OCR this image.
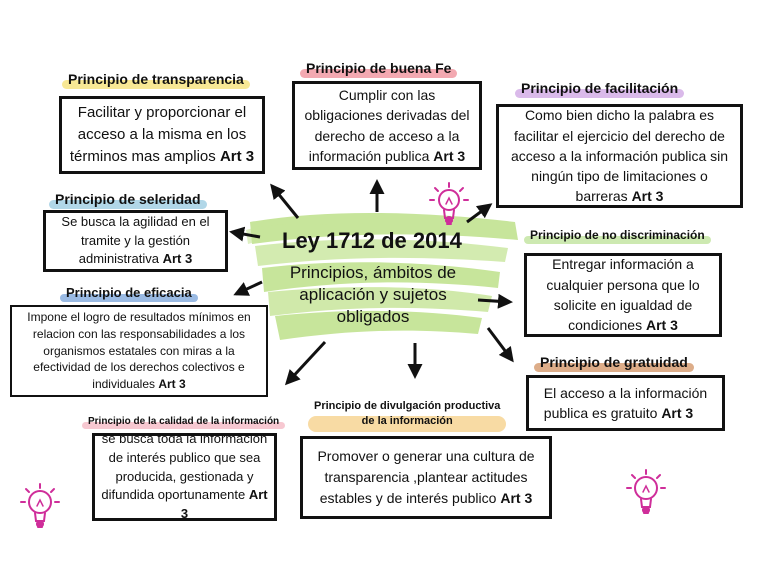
Ley 1712 de 2014
Principios, ámbitos de
aplicación y sujetos
obligados
Principio de transparencia
Facilitar y proporcionar el
acceso a la misma en los
términos mas amplios Art 3
Principio de buena Fe
Cumplir con las
obligaciones derivadas del
derecho de acceso a la
información publica Art 3
Principio de facilitación
Como bien dicho la palabra es
facilitar el ejercicio del derecho de
acceso a la información publica sin
ningún tipo de limitaciones o
barreras Art 3
Principio de seleridad
Se busca la agilidad en el
tramite y la gestión
administrativa Art 3
Principio de no discriminación
Entregar información a
cualquier persona que lo
solicite en igualdad de
condiciones Art 3
Principio de eficacia
Impone el logro de resultados mínimos en
relacion con las responsabilidades a los
organismos estatales con miras a la
efectividad de los derechos colectivos e
individuales Art 3
Principio de gratuidad
El acceso a la información
publica es gratuito Art 3
Principio de divulgación productiva
de la información
Promover o generar una cultura de
transparencia ,plantear actitudes
estables y de interés publico Art 3
Principio de la calidad de la información
se busca toda la información
de interés publico que sea
producida, gestionada y
difundida oportunamente Art 3
